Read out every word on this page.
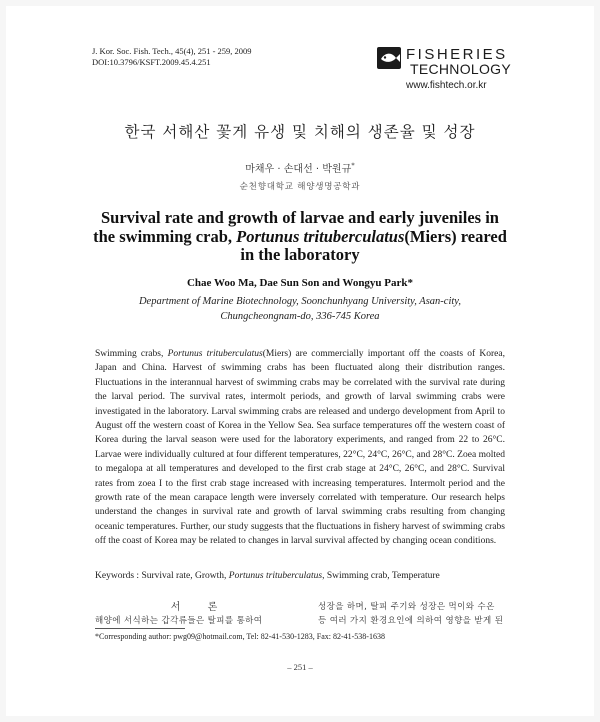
J. Kor. Soc. Fish. Tech., 45(4), 251 - 259, 2009
DOI:10.3796/KSFT.2009.45.4.251	FISHERIES
TECHNOLOGY
www.fishtech.or.kr
한국 서해산 꽃게 유생 및 치해의 생존율 및 성장
마채우 · 손대선 · 박원규*
순천향대학교 해양생명공학과
Survival rate and growth of larvae and early juveniles in the swimming crab, Portunus trituberculatus(Miers) reared in the laboratory
Chae Woo Ma, Dae Sun Son and Wongyu Park*
Department of Marine Biotechnology, Soonchunhyang University, Asan-city,
Chungcheongnam-do, 336-745 Korea
Swimming crabs, Portunus trituberculatus(Miers) are commercially important off the coasts of Korea, Japan and China. Harvest of swimming crabs has been fluctuated along their distribution ranges. Fluctuations in the interannual harvest of swimming crabs may be correlated with the survival rate during the larval period. The survival rates, intermolt periods, and growth of larval swimming crabs were investigated in the laboratory. Larval swimming crabs are released and undergo development from April to August off the western coast of Korea in the Yellow Sea. Sea surface temperatures off the western coast of Korea during the larval season were used for the laboratory experiments, and ranged from 22 to 26°C. Larvae were individually cultured at four different temperatures, 22°C, 24°C, 26°C, and 28°C. Zoea molted to megalopa at all temperatures and developed to the first crab stage at 24°C, 26°C, and 28°C. Survival rates from zoea I to the first crab stage increased with increasing temperatures. Intermolt period and the growth rate of the mean carapace length were inversely correlated with temperature. Our research helps understand the changes in survival rate and growth of larval swimming crabs resulting from changing oceanic temperatures. Further, our study suggests that the fluctuations in fishery harvest of swimming crabs off the coast of Korea may be related to changes in larval survival affected by changing ocean conditions.
Keywords : Survival rate, Growth, Portunus trituberculatus, Swimming crab, Temperature
서 론
해양에 서식하는 갑각류들은 탈피를 통하여
성장을 하며, 탈피 주기와 성장은 먹이와 수온
등 여러 가지 환경요인에 의하여 영향을 받게 된
*Corresponding author: pwg09@hotmail.com, Tel: 82-41-530-1283, Fax: 82-41-538-1638
– 251 –
